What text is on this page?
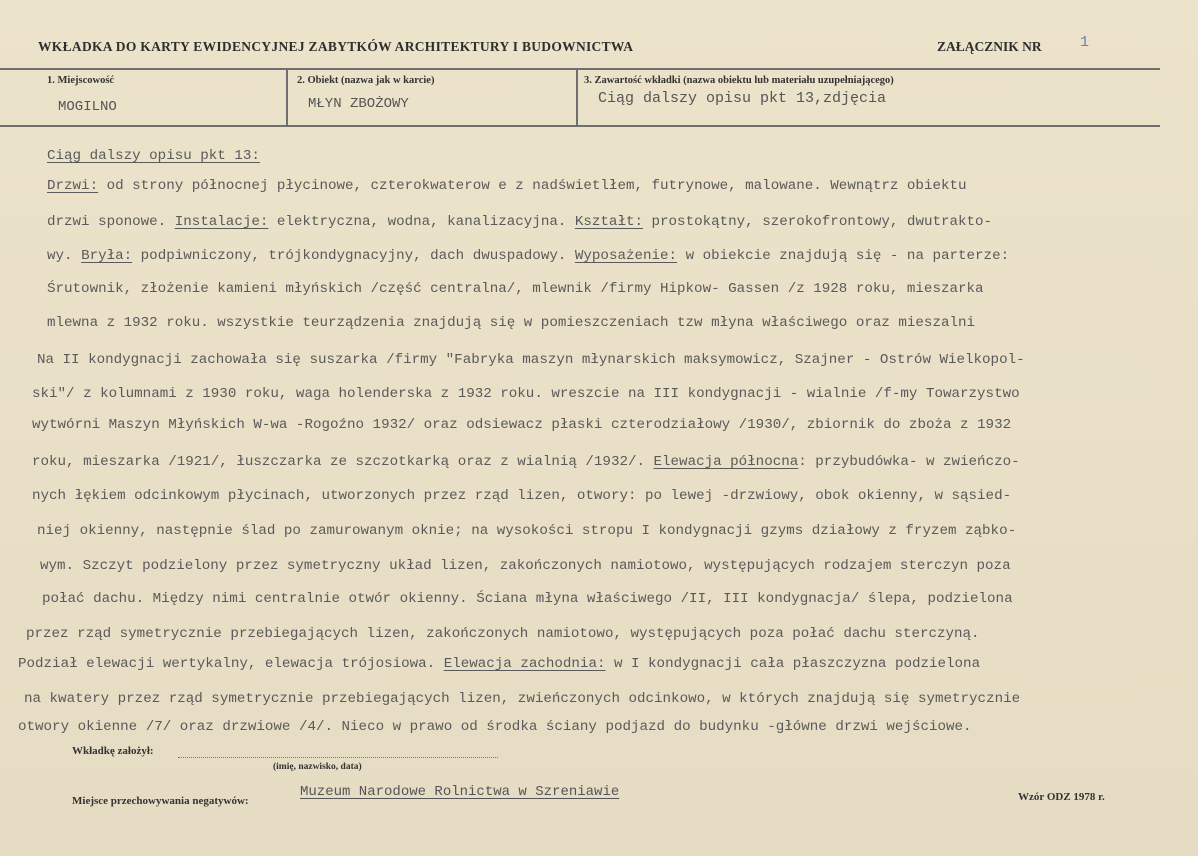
WKŁADKA DO KARTY EWIDENCYJNEJ ZABYTKÓW ARCHITEKTURY I BUDOWNICTWA	ZAŁĄCZNIK NR	1
1. Miejscowość
MOGILNO
2. Obiekt (nazwa jak w karcie)
MŁYN ZBOŻOWY
3. Zawartość wkładki (nazwa obiektu lub materiału uzupełniającego)
Ciąg dalszy opisu pkt 13,zdjęcia
Ciąg dalszy opisu pkt 13:
Drzwi: od strony północnej płycinowe, czterokwaterow e z nadświetlłem, futrynowe, malowane. Wewnątrz obiektu
drzwi sponowe. Instalacje: elektryczna, wodna, kanalizacyjna. Kształt: prostokątny, szerokofrontowy, dwutrakto-
wy. Bryła: podpiwniczony, trójkondygnacyjny, dach dwuspadowy. Wyposażenie: w obiekcie znajdują się - na parterze:
Śrutownik, złożenie kamieni młyńskich /część centralna/, mlewnik /firmy Hipkow- Gassen /z 1928 roku, mieszarka
mlewna z 1932 roku. wszystkie teurządzenia znajdują się w pomieszczeniach tzw młyna właściwego oraz mieszalni
Na II kondygnacji zachowała się suszarka /firmy "Fabryka maszyn młynarskich maksymowicz, Szajner - Ostrów Wielkopol-
ski"/ z kolumnami z 1930 roku, waga holenderska z 1932 roku. wreszcie na III kondygnacji - wialnie /f-my Towarzystwo
wytwórni Maszyn Młyńskich W-wa -Rogoźno 1932/ oraz odsiewacz płaski czterodziałowy /1930/, zbiornik do zboża z 1932
roku, mieszarka /1921/, łuszczarka ze szczotkarką oraz z wialnią /1932/. Elewacja północna: przybudówka- w zwieńczo-
nych łękiem odcinkowym płycinach, utworzonych przez rząd lizen, otwory: po lewej -drzwiowy, obok okienny, w sąsied-
niej okienny, następnie ślad po zamurowanym oknie; na wysokości stropu I kondygnacji gzyms działowy z fryzem ząbko-
wym. Szczyt podzielony przez symetryczny układ lizen, zakończonych namiotowo, występujących rodzajem sterczyn poza
połać dachu. Między nimi centralnie otwór okienny. Ściana młyna właściwego /II, III kondygnacja/ ślepa, podzielona
przez rząd symetrycznie przebiegających lizen, zakończonych namiotowo, występujących poza połać dachu sterczyną.
Podział elewacji wertykalny, elewacja trójosiowa. Elewacja zachodnia: w I kondygnacji cała płaszczyzna podzielona
na kwatery przez rząd symetrycznie przebiegających lizen, zwieńczonych odcinkowo, w których znajdują się symetrycznie
otwory okienne /7/ oraz drzwiowe /4/. Nieco w prawo od środka ściany podjazd do budynku -główne drzwi wejściowe.
Wkładkę założył:
(imię, nazwisko, data)
Miejsce przechowywania negatywów:
Muzeum Narodowe Rolnictwa w Szreniawie	Wzór ODZ 1978 r.
